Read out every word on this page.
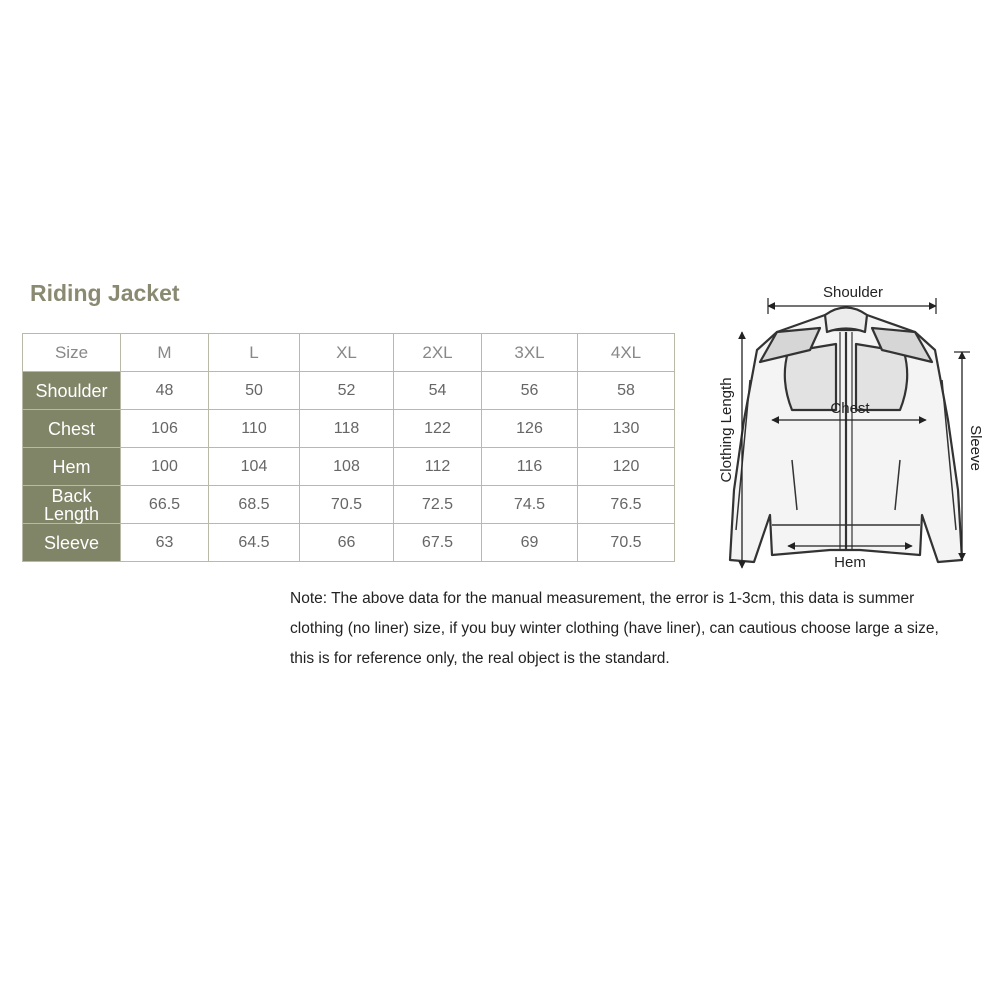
Riding Jacket
Size	M	L	XL	2XL	3XL	4XL
Shoulder	48	50	52	54	56	58
Chest	106	110	118	122	126	130
Hem	100	104	108	112	116	120
Back
Length	66.5	68.5	70.5	72.5	74.5	76.5
Sleeve	63	64.5	66	67.5	69	70.5

Note: The above data for the manual measurement, the error is 1-3cm, this data is summer

clothing (no liner) size, if you buy winter clothing (have liner), can cautious choose large a size,

this is for reference only, the real object is the standard.

Shoulder
Chest
Hem
Clothing Length	Sleeve
